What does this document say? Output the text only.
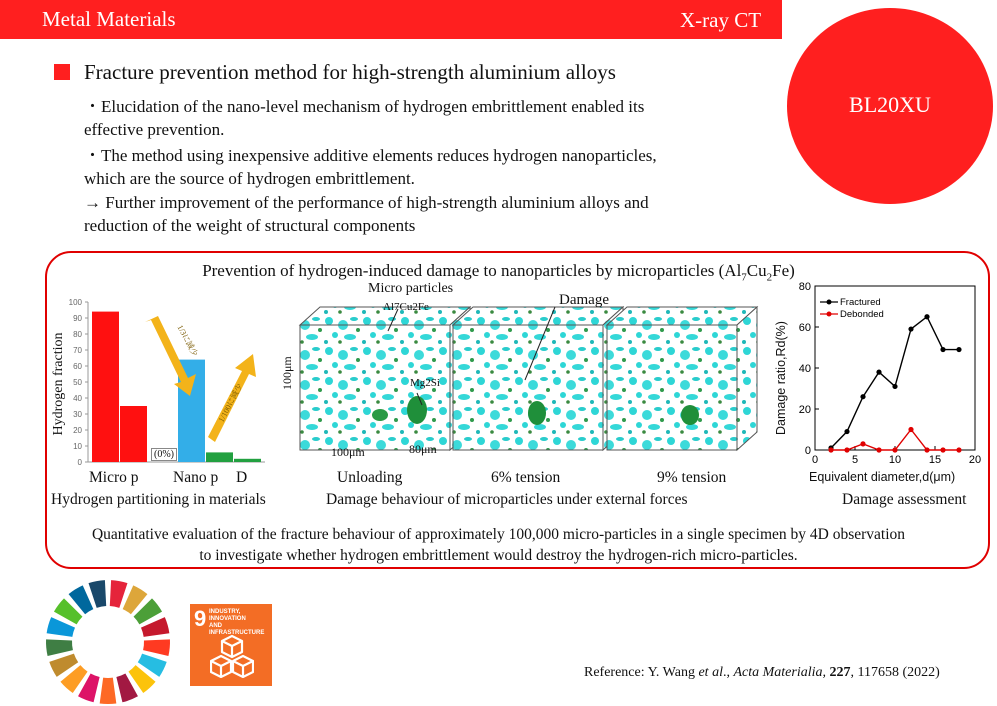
Metal Materials	X-ray CT
BL20XU
Fracture prevention method for high-strength aluminium alloys
・Elucidation of the nano-level mechanism of hydrogen embrittlement enabled its
effective prevention.
・The method using inexpensive additive elements reduces hydrogen nanoparticles,
which are the source of hydrogen embrittlement.
→ Further improvement of the performance of high-strength aluminium alloys and
reduction of the weight of structural components
Prevention of hydrogen-induced damage to nanoparticles by microparticles $(Al_7Cu_2Fe)$
0
10
20
30
40
50
60
70
80
90
100
1/3に減少
1/100に減少
Hydrogen fraction
(0%)
Micro p Nano p D
Hydrogen partitioning in materials
Micro particles
Al7Cu2Fe	Damage
Mg2Si
100μm
100μm	80μm
Unloading	6% tension	9% tension
Damage behaviour of microparticles under external forces
0	5	10	15	20
0
20
40
60
80
Fractured
Debonded
Equivalent diameter,d(μm)
Damage ratio,Rd(%)
Damage assessment
Quantitative evaluation of the fracture behaviour of approximately 100,000 micro-particles in a single specimen by 4D observation
to investigate whether hydrogen embrittlement would destroy the hydrogen-rich micro-particles.
9 INDUSTRY, INNOVATION
AND INFRASTRUCTURE
Reference: Y. Wang et al., Acta Materialia, 227, 117658 (2022)
